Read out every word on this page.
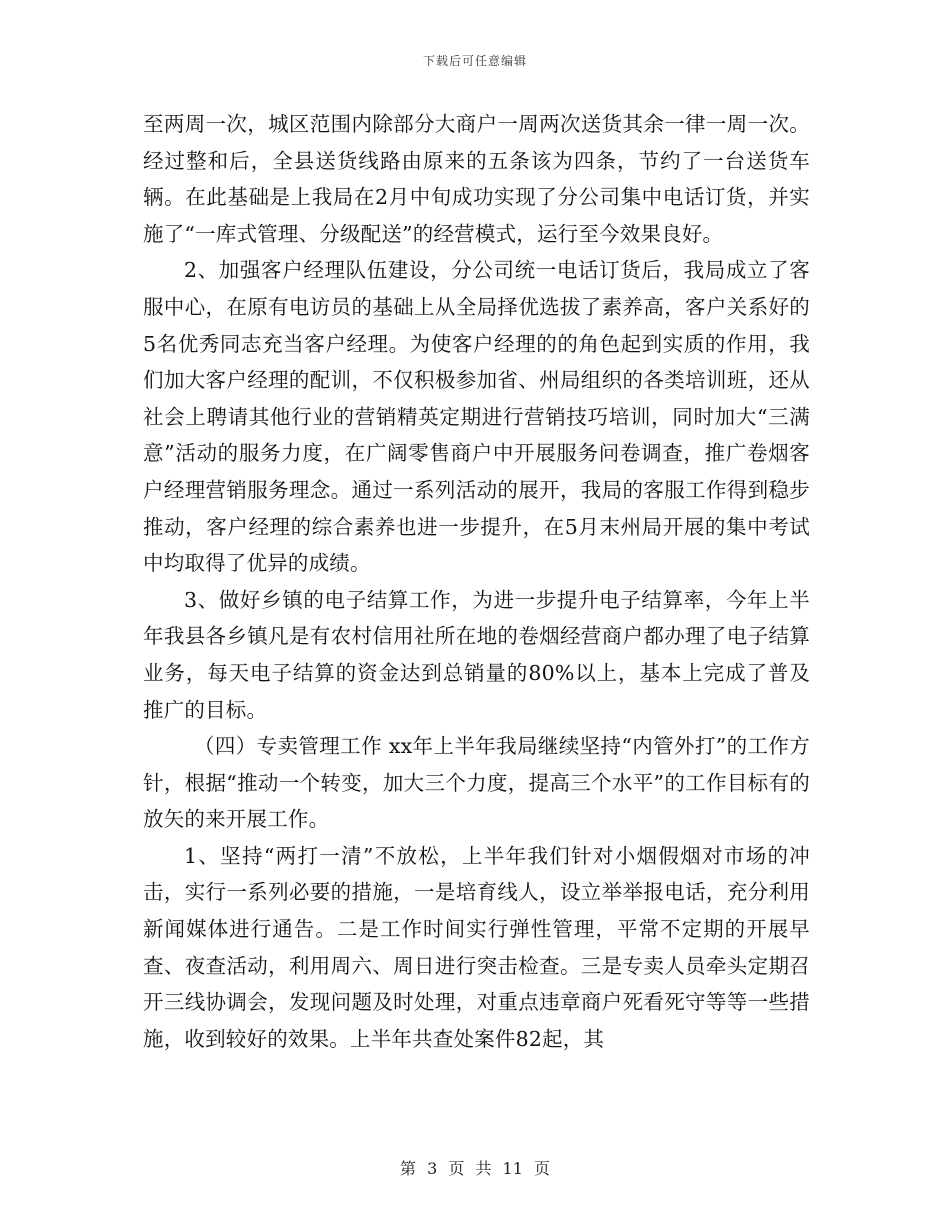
下载后可任意编辑

至两周一次，城区范围内除部分大商户一周两次送货其余一律一周一次。经过整和后，全县送货线路由原来的五条该为四条，节约了一台送货车辆。在此基础是上我局在2月中旬成功实现了分公司集中电话订货，并实施了“一库式管理、分级配送”的经营模式，运行至今效果良好。

2、加强客户经理队伍建设，分公司统一电话订货后，我局成立了客服中心，在原有电访员的基础上从全局择优选拔了素养高，客户关系好的5名优秀同志充当客户经理。为使客户经理的的角色起到实质的作用，我们加大客户经理的配训，不仅积极参加省、州局组织的各类培训班，还从社会上聘请其他行业的营销精英定期进行营销技巧培训，同时加大“三满意”活动的服务力度，在广阔零售商户中开展服务问卷调查，推广卷烟客户经理营销服务理念。通过一系列活动的展开，我局的客服工作得到稳步推动，客户经理的综合素养也进一步提升，在5月末州局开展的集中考试中均取得了优异的成绩。

3、做好乡镇的电子结算工作，为进一步提升电子结算率，今年上半年我县各乡镇凡是有农村信用社所在地的卷烟经营商户都办理了电子结算业务，每天电子结算的资金达到总销量的80%以上，基本上完成了普及推广的目标。

（四）专卖管理工作 xx年上半年我局继续坚持“内管外打”的工作方针，根据“推动一个转变，加大三个力度，提高三个水平”的工作目标有的放矢的来开展工作。

1、坚持“两打一清”不放松，上半年我们针对小烟假烟对市场的冲击，实行一系列必要的措施，一是培育线人，设立举举报电话，充分利用新闻媒体进行通告。二是工作时间实行弹性管理，平常不定期的开展早查、夜查活动，利用周六、周日进行突击检查。三是专卖人员牵头定期召开三线协调会，发现问题及时处理，对重点违章商户死看死守等等一些措施，收到较好的效果。上半年共查处案件82起，其

第 3 页 共 11 页
